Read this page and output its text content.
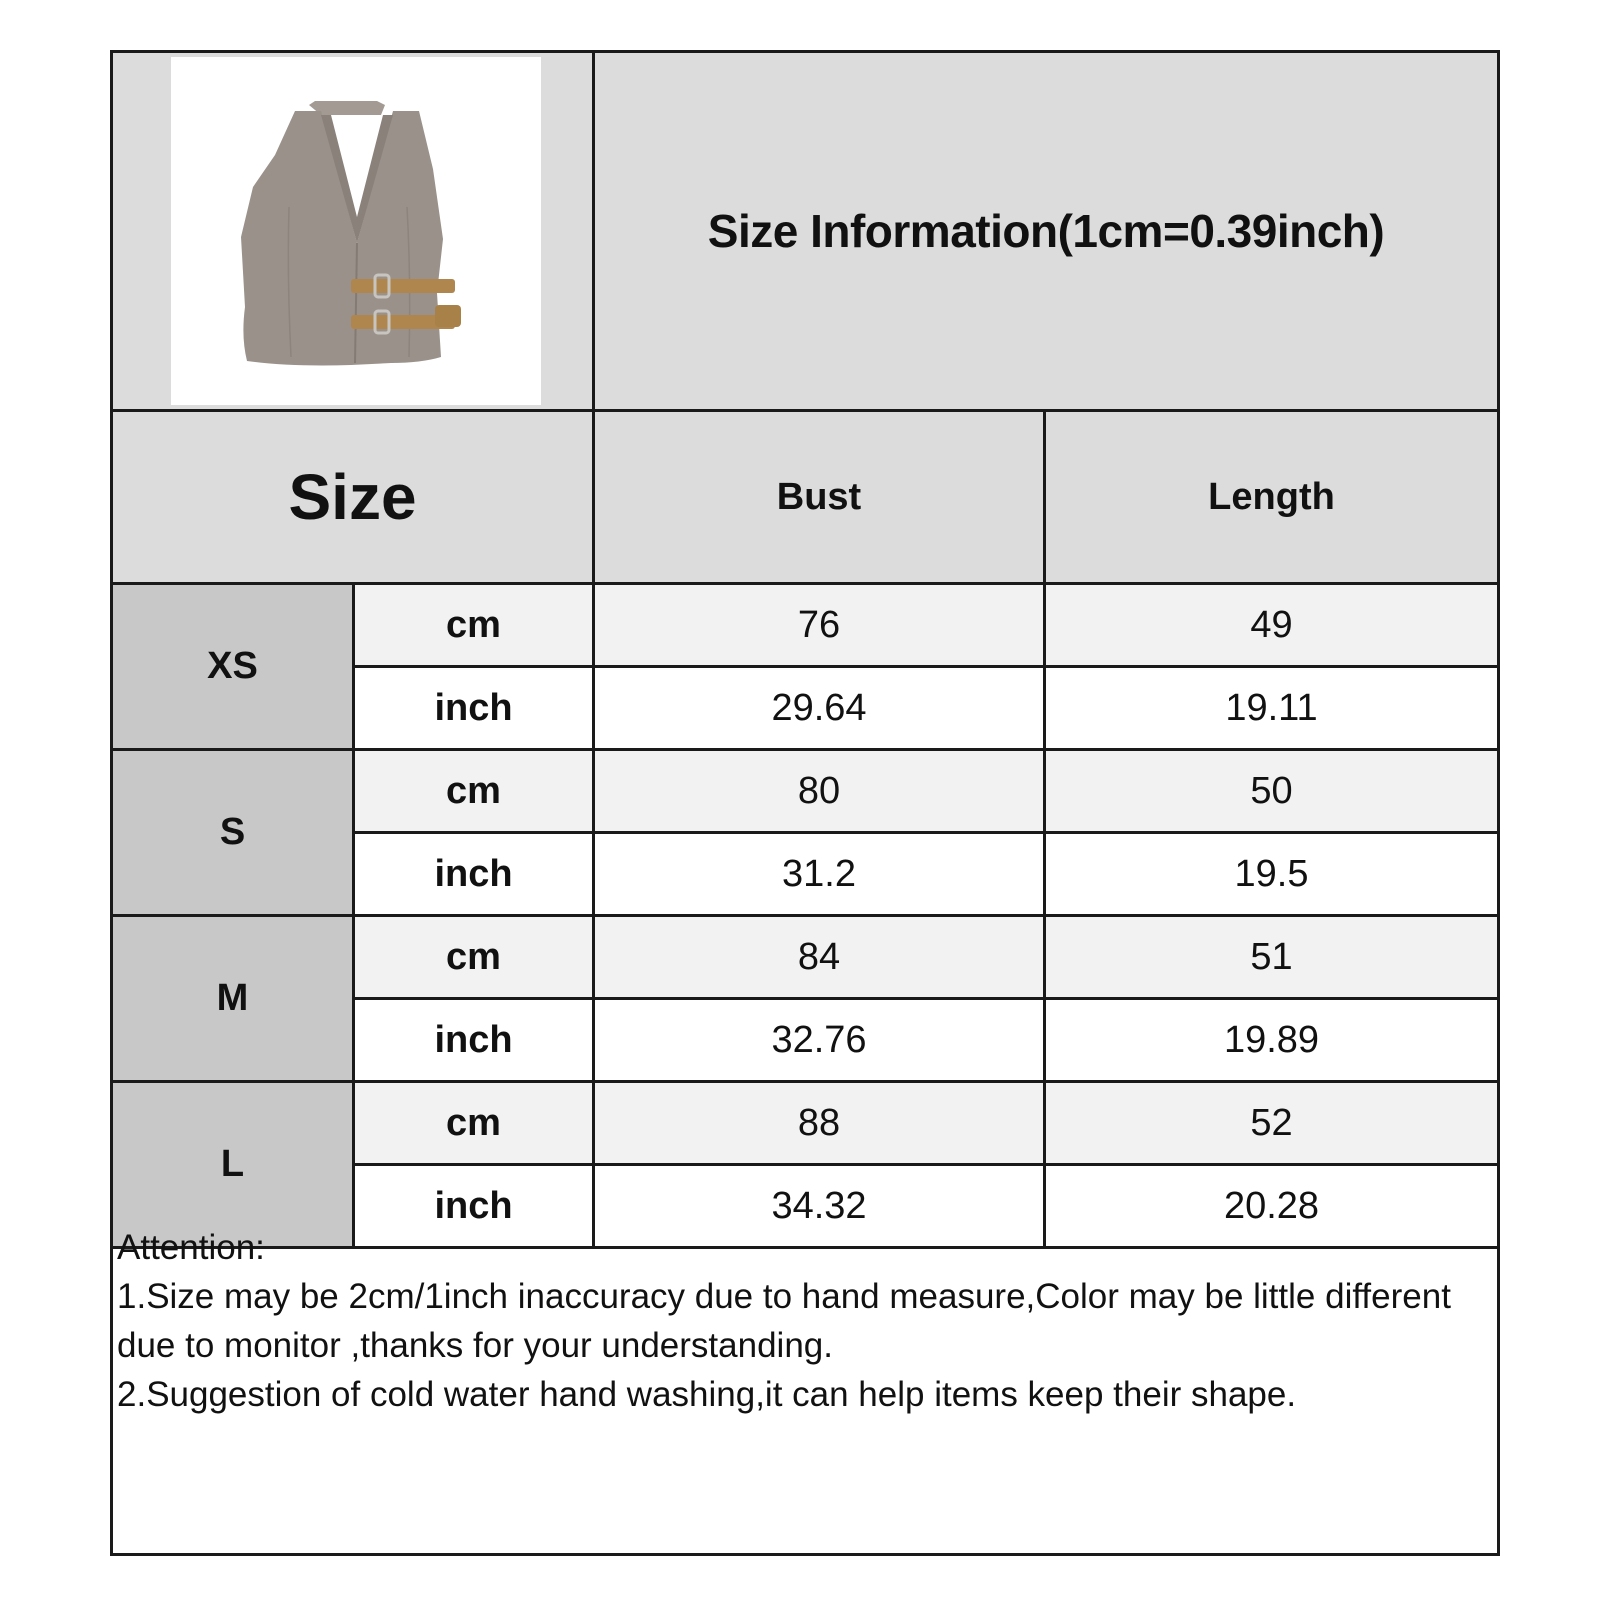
Size Information(1cm=0.39inch)
Size	Bust	Length
XS
cm	76	49
inch	29.64	19.11
S
cm	80	50
inch	31.2	19.5
M
cm	84	51
inch	32.76	19.89
L
cm	88	52
inch	34.32	20.28

Attention:

1.Size may be 2cm/1inch inaccuracy due to hand measure,Color may be little different due to monitor ,thanks for your understanding.

2.Suggestion of cold water hand washing,it can help items keep their shape.
